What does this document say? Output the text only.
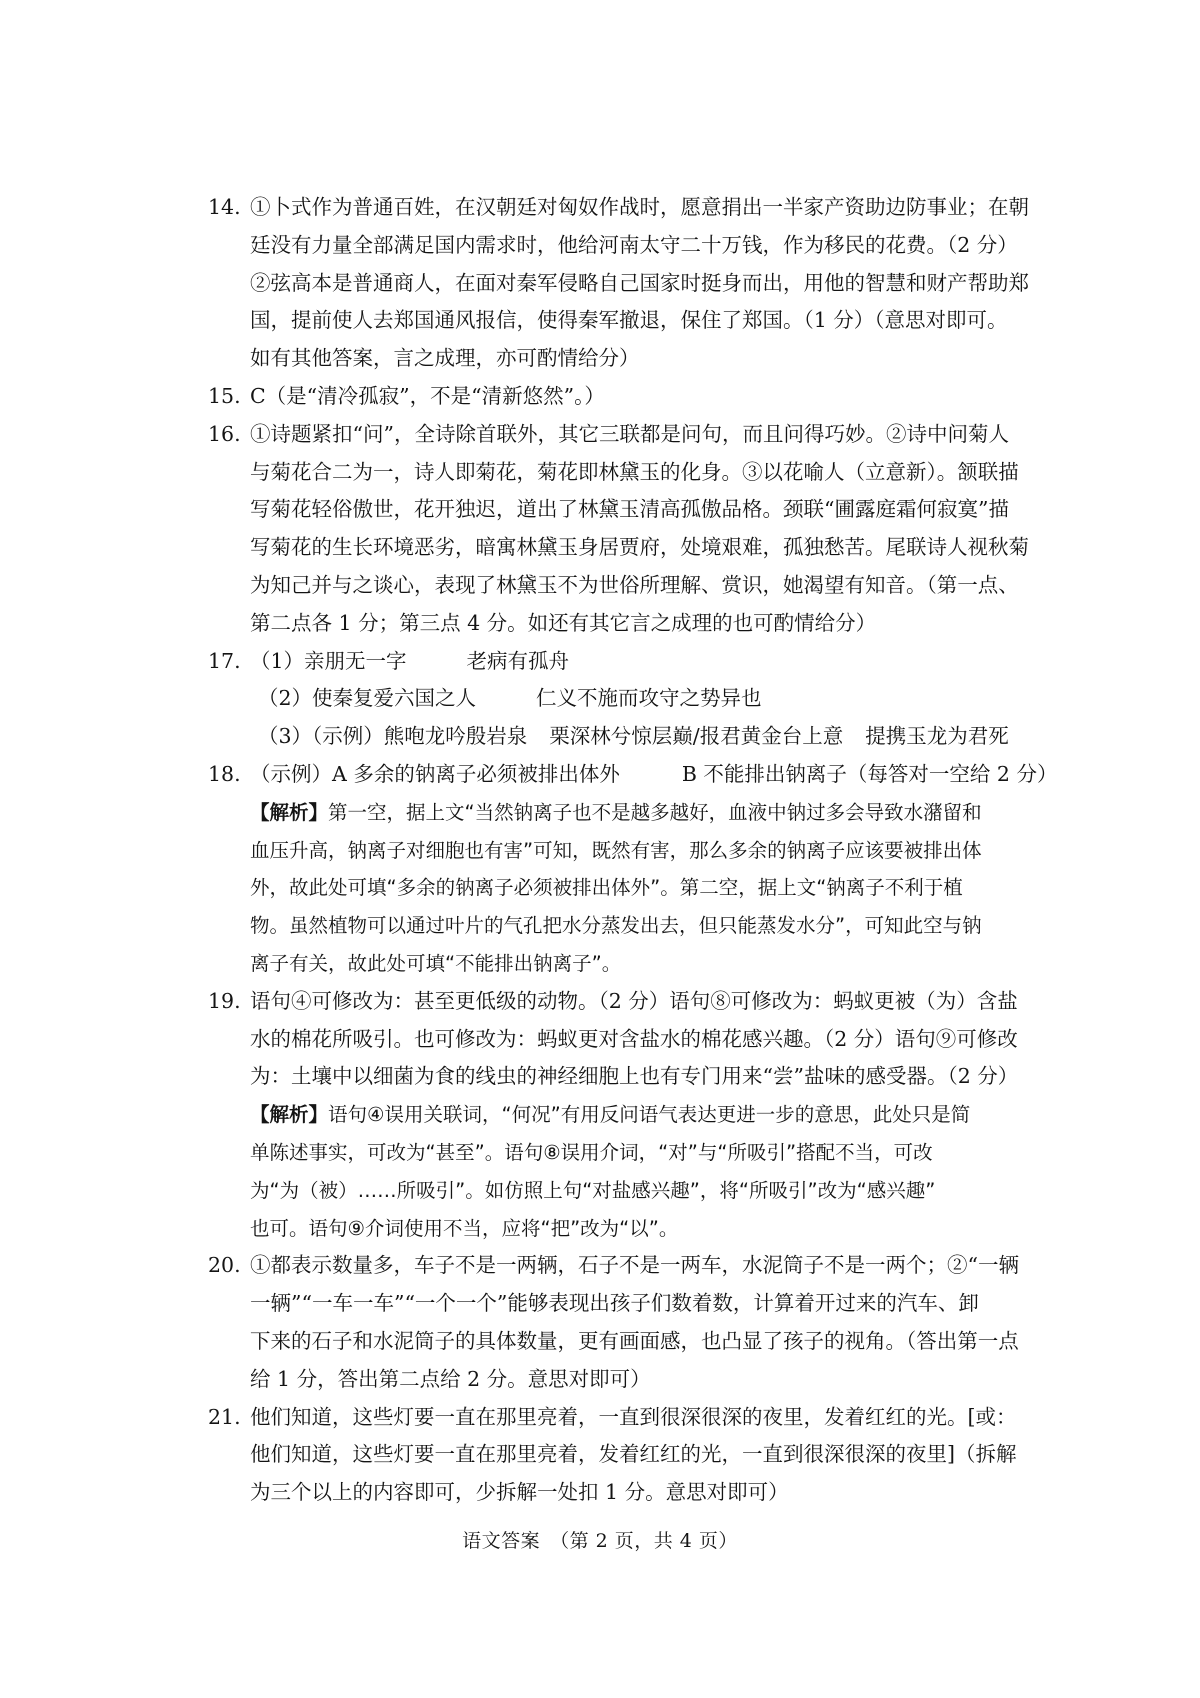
14. ①卜式作为普通百姓，在汉朝廷对匈奴作战时，愿意捐出一半家产资助边防事业；在朝
廷没有力量全部满足国内需求时，他给河南太守二十万钱，作为移民的花费。（2 分）
②弦高本是普通商人，在面对秦军侵略自己国家时挺身而出，用他的智慧和财产帮助郑
国，提前使人去郑国通风报信，使得秦军撤退，保住了郑国。（1 分）（意思对即可。
如有其他答案，言之成理，亦可酌情给分）
15. C（是“清冷孤寂”，不是“清新悠然”。）
16. ①诗题紧扣“问”，全诗除首联外，其它三联都是问句，而且问得巧妙。②诗中问菊人
与菊花合二为一，诗人即菊花，菊花即林黛玉的化身。③以花喻人（立意新）。颔联描
写菊花轻俗傲世，花开独迟，道出了林黛玉清高孤傲品格。颈联“圃露庭霜何寂寞”描
写菊花的生长环境恶劣，暗寓林黛玉身居贾府，处境艰难，孤独愁苦。尾联诗人视秋菊
为知己并与之谈心，表现了林黛玉不为世俗所理解、赏识，她渴望有知音。（第一点、
第二点各 1 分；第三点 4 分。如还有其它言之成理的也可酌情给分）
17. （1）亲朋无一字	老病有孤舟
（2）使秦复爱六国之人	仁义不施而攻守之势异也
（3）（示例）熊咆龙吟殷岩泉 栗深林兮惊层巅/报君黄金台上意 提携玉龙为君死
18. （示例）A 多余的钠离子必须被排出体外	B 不能排出钠离子（每答对一空给 2 分）
【解析】第一空，据上文“当然钠离子也不是越多越好，血液中钠过多会导致水潴留和
血压升高，钠离子对细胞也有害”可知，既然有害，那么多余的钠离子应该要被排出体
外，故此处可填“多余的钠离子必须被排出体外”。第二空，据上文“钠离子不利于植
物。虽然植物可以通过叶片的气孔把水分蒸发出去，但只能蒸发水分”，可知此空与钠
离子有关，故此处可填“不能排出钠离子”。
19. 语句④可修改为：甚至更低级的动物。（2 分）语句⑧可修改为：蚂蚁更被（为）含盐
水的棉花所吸引。也可修改为：蚂蚁更对含盐水的棉花感兴趣。（2 分）语句⑨可修改
为：土壤中以细菌为食的线虫的神经细胞上也有专门用来“尝”盐味的感受器。（2 分）
【解析】语句④误用关联词，“何况”有用反问语气表达更进一步的意思，此处只是简
单陈述事实，可改为“甚至”。语句⑧误用介词，“对”与“所吸引”搭配不当，可改
为“为（被）……所吸引”。如仿照上句“对盐感兴趣”，将“所吸引”改为“感兴趣”
也可。语句⑨介词使用不当，应将“把”改为“以”。
20. ①都表示数量多，车子不是一两辆，石子不是一两车，水泥筒子不是一两个；②“一辆
一辆”“一车一车”“一个一个”能够表现出孩子们数着数，计算着开过来的汽车、卸
下来的石子和水泥筒子的具体数量，更有画面感，也凸显了孩子的视角。（答出第一点
给 1 分，答出第二点给 2 分。意思对即可）
21. 他们知道，这些灯要一直在那里亮着，一直到很深很深的夜里，发着红红的光。[或：
他们知道，这些灯要一直在那里亮着，发着红红的光，一直到很深很深的夜里]（拆解
为三个以上的内容即可，少拆解一处扣 1 分。意思对即可）
语文答案　（第 2 页，共 4 页）
